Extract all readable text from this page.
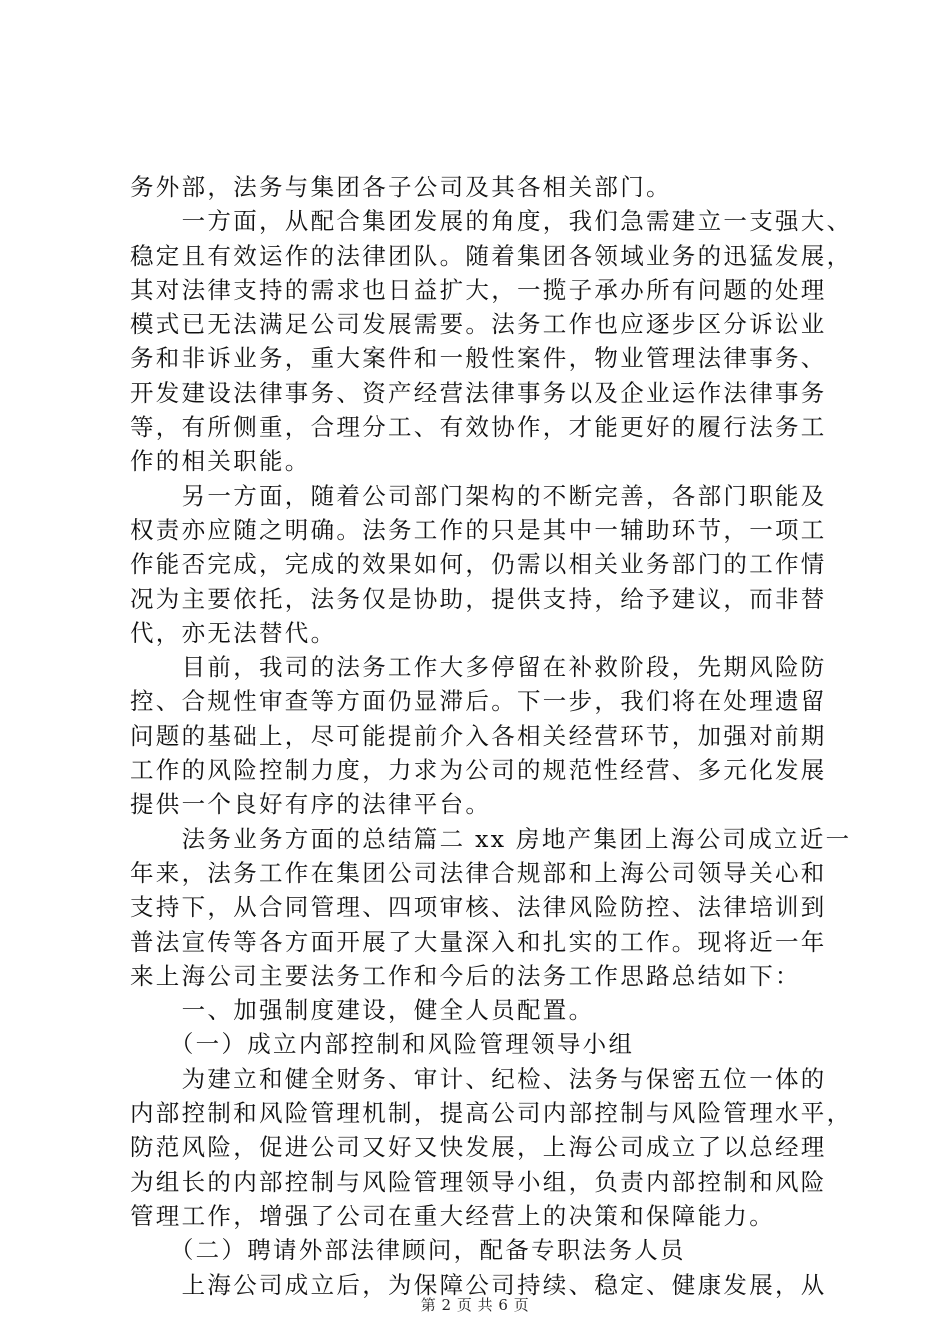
务外部，法务与集团各子公司及其各相关部门。
　　一方面，从配合集团发展的角度，我们急需建立一支强大、
稳定且有效运作的法律团队。随着集团各领域业务的迅猛发展，
其对法律支持的需求也日益扩大，一揽子承办所有问题的处理
模式已无法满足公司发展需要。法务工作也应逐步区分诉讼业
务和非诉业务，重大案件和一般性案件，物业管理法律事务、
开发建设法律事务、资产经营法律事务以及企业运作法律事务
等，有所侧重，合理分工、有效协作，才能更好的履行法务工
作的相关职能。
　　另一方面，随着公司部门架构的不断完善，各部门职能及
权责亦应随之明确。法务工作的只是其中一辅助环节，一项工
作能否完成，完成的效果如何，仍需以相关业务部门的工作情
况为主要依托，法务仅是协助，提供支持，给予建议，而非替
代，亦无法替代。
　　目前，我司的法务工作大多停留在补救阶段，先期风险防
控、合规性审查等方面仍显滞后。下一步，我们将在处理遗留
问题的基础上，尽可能提前介入各相关经营环节，加强对前期
工作的风险控制力度，力求为公司的规范性经营、多元化发展
提供一个良好有序的法律平台。
　　法务业务方面的总结篇二 xx 房地产集团上海公司成立近一
年来，法务工作在集团公司法律合规部和上海公司领导关心和
支持下，从合同管理、四项审核、法律风险防控、法律培训到
普法宣传等各方面开展了大量深入和扎实的工作。现将近一年
来上海公司主要法务工作和今后的法务工作思路总结如下：
　　一、加强制度建设，健全人员配置。
　　（一）成立内部控制和风险管理领导小组
　　为建立和健全财务、审计、纪检、法务与保密五位一体的
内部控制和风险管理机制，提高公司内部控制与风险管理水平，
防范风险，促进公司又好又快发展，上海公司成立了以总经理
为组长的内部控制与风险管理领导小组，负责内部控制和风险
管理工作，增强了公司在重大经营上的决策和保障能力。
　　（二）聘请外部法律顾问，配备专职法务人员
　　上海公司成立后，为保障公司持续、稳定、健康发展，从
第 2 页 共 6 页
